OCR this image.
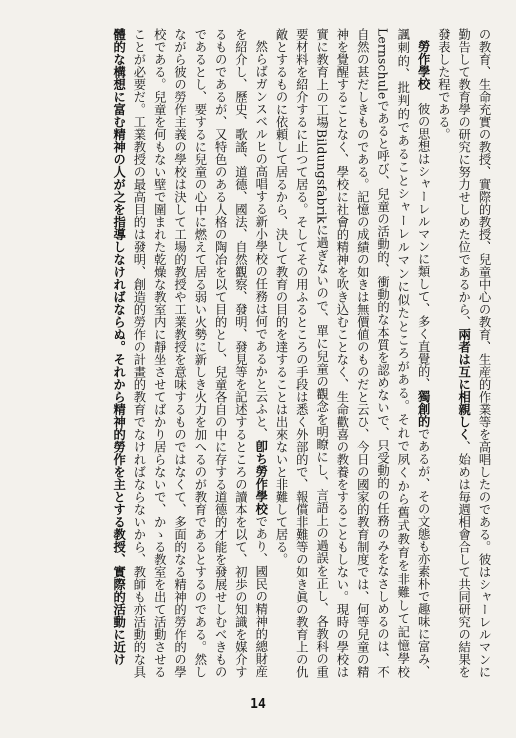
の教育、生命充實の教授、實際的教授、兒童中心の教育、生産的作業等を高唱したのである。彼はシャーレルマンに勤告して教育學の研究に努力せしめた位であるから、兩者は互に相親しく、始めは毎週相會合して共同研究の結果を發表した程である。

勞作學校　彼の思想はシャーレルマンに類して、多く直覺的、獨創的であるが、その文態も亦素朴で趣味に富み、諷刺的、批判的であることシャーレルマンに似たところがある。それで夙くから舊式教育を非難して記憶學校Lernschuleであると呼び、兒童の活動的、衝動的な本質を認めないで、只受動的の任務のみをなさしめるのは、不自然の甚だしきものである。記憶の成績の如きは無價値のものだと云ひ、今日の國家的教育制度では、何等兒童の精神を覺醒することなく、學校に社會的精神を吹き込むことなく、生命歡喜の教養をすることもしない。現時の學校は實に教育上の工場Bildungsfabrikに過ぎないので、單に兒童の觀念を明瞭にし、言語上の過誤を正し、各教科の重要材料を紹介するに止つて居る。そしてその用ふるところの手段は悉く外部的で、報償非難等の如き眞の教育上の仇敵とするものに依頼して居るから、決して教育の目的を達することは出來ないと非難して居る。

然らばガンスベルヒの高唱する新小學校の任務は何であるかと云ふと、卽ち勞作學校であり、國民の精神的總財産を紹介し、歷史、歌謠、道德、國法、自然觀察、發明、發見等を記述するところの讀本を以て、初歩の知識を媒介するものであるが、又特色のある人格の陶冶を以て目的とし、兒童各自の中に存する道德的才能を發展せしむべきものであるとし、要するに兒童の心中に燃えて居る弱い火勢に新しき火力を加へるのが教育であるとするのである。然しながら彼の勞作主義の學校は決して工場的教授や工業教授を意味するものではなくて、多面的なる精神的勞作的の學校である。兒童を何もない壁で圍まれた乾燥な教室内に靜坐させてばかり居らないで、かゝる教室を出て活動させることが必要だ。工業教授の最高目的は發明、創造的勞作の計畫的教育でなければならないから、教師も亦活動的な具體的な構想に富む精神の人が之を指導しなければならぬ。それから精神的勞作を主とする教授、實際的活動に近け

14
